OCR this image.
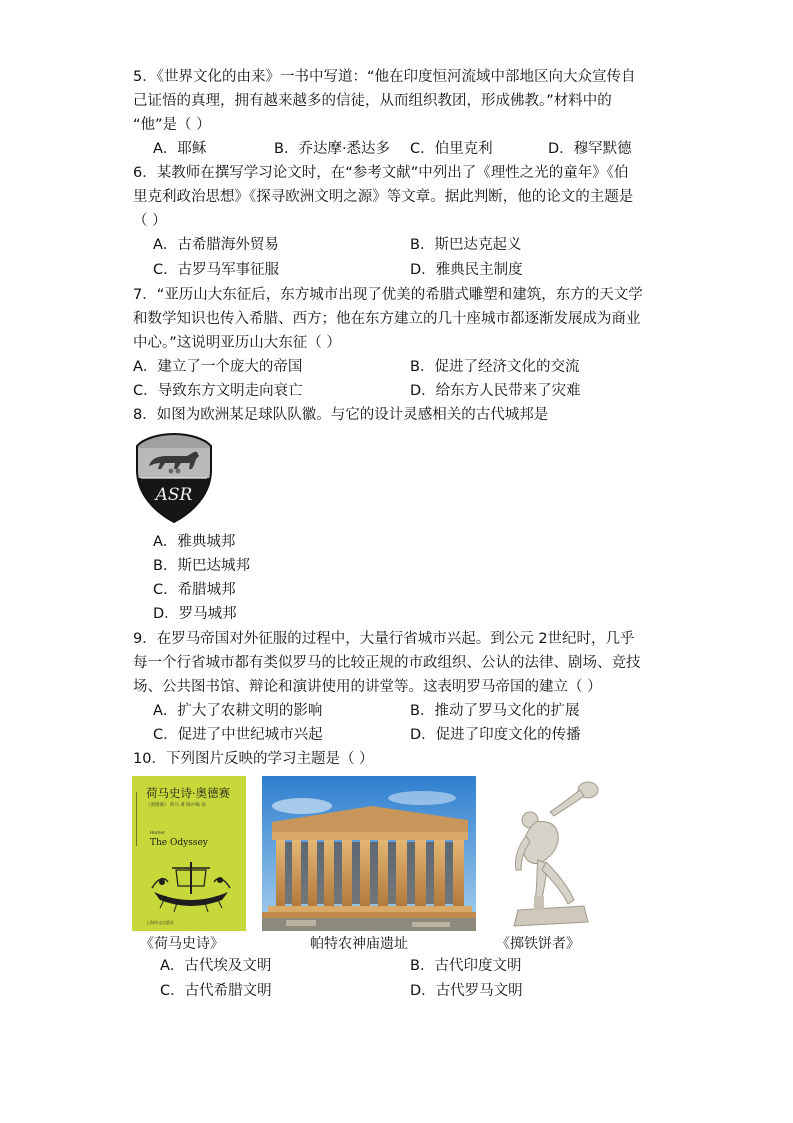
5．《世界文化的由来》一书中写道：“他在印度恒河流域中部地区向大众宣传自
己证悟的真理，拥有越来越多的信徒，从而组织教团，形成佛教。”材料中的
“他”是（ ）
A．耶稣	B．乔达摩·悉达多 C．伯里克利	D．穆罕默德
6．某教师在撰写学习论文时，在“参考文献”中列出了《理性之光的童年》《伯
里克利政治思想》《探寻欧洲文明之源》等文章。据此判断，他的论文的主题是
（ ）
A．古希腊海外贸易	B．斯巴达克起义
C．古罗马军事征服	D．雅典民主制度
7．“亚历山大东征后，东方城市出现了优美的希腊式雕塑和建筑，东方的天文学
和数学知识也传入希腊、西方；他在东方建立的几十座城市都逐渐发展成为商业
中心。”这说明亚历山大东征（ ）
A．建立了一个庞大的帝国	B．促进了经济文化的交流
C．导致东方文明走向衰亡	D．给东方人民带来了灾难
8．如图为欧洲某足球队队徽。与它的设计灵感相关的古代城邦是
ASR
A．雅典城邦
B．斯巴达城邦
C．希腊城邦
D．罗马城邦
9．在罗马帝国对外征服的过程中，大量行省城市兴起。到公元 2世纪时，几乎
每一个行省城市都有类似罗马的比较正规的市政组织、公认的法律、剧场、竞技
场、公共图书馆、辩论和演讲使用的讲堂等。这表明罗马帝国的建立（ ）
A．扩大了农耕文明的影响	B．推动了罗马文化的扩展
C．促进了中世纪城市兴起	D．促进了印度文化的传播
10．下列图片反映的学习主题是（ ）
荷马史诗·奥德赛
《奥德赛》 荷马 著 陈中梅 译
Homer
The Odyssey
上海译文出版社
《荷马史诗》	帕特农神庙遗址	《掷铁饼者》
A．古代埃及文明	B．古代印度文明
C．古代希腊文明	D．古代罗马文明
